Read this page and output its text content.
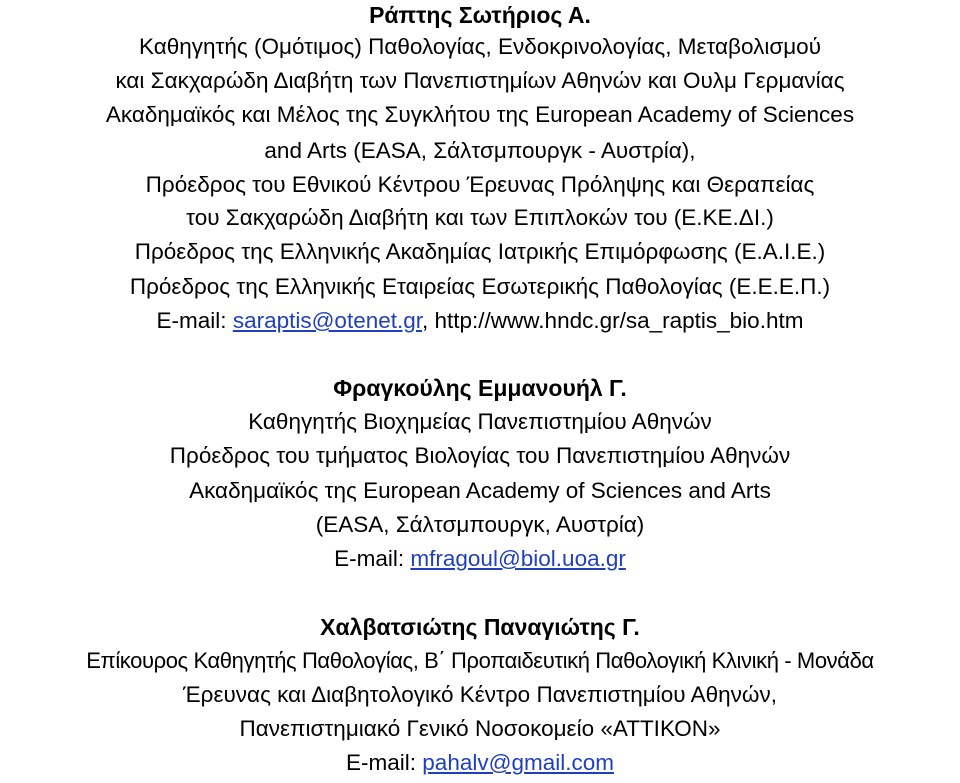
Ράπτης Σωτήριος Α.
Καθηγητής (Ομότιμος) Παθολογίας, Ενδοκρινολογίας, Μεταβολισμού
και Σακχαρώδη Διαβήτη των Πανεπιστημίων Αθηνών και Ουλμ Γερμανίας
Ακαδημαϊκός και Μέλος της Συγκλήτου της European Academy of Sciences
and Arts (EASA, Σάλτσμπουργκ - Αυστρία),
Πρόεδρος του Εθνικού Κέντρου Έρευνας Πρόληψης και Θεραπείας
του Σακχαρώδη Διαβήτη και των Επιπλοκών του (Ε.ΚΕ.ΔΙ.)
Πρόεδρος της Ελληνικής Ακαδημίας Ιατρικής Επιμόρφωσης (Ε.Α.Ι.Ε.)
Πρόεδρος της Ελληνικής Εταιρείας Εσωτερικής Παθολογίας (Ε.Ε.Ε.Π.)
E-mail: saraptis@otenet.gr, http://www.hndc.gr/sa_raptis_bio.htm
Φραγκούλης Εμμανουήλ Γ.
Καθηγητής Βιοχημείας Πανεπιστημίου Αθηνών
Πρόεδρος του τμήματος Βιολογίας του Πανεπιστημίου Αθηνών
Ακαδημαϊκός της European Academy of Sciences and Arts
(EASA, Σάλτσμπουργκ, Αυστρία)
E-mail: mfragoul@biol.uoa.gr
Χαλβατσιώτης Παναγιώτης Γ.
Επίκουρος Καθηγητής Παθολογίας, Β΄ Προπαιδευτική Παθολογική Κλινική - Μονάδα
Έρευνας και Διαβητολογικό Κέντρο Πανεπιστημίου Αθηνών,
Πανεπιστημιακό Γενικό Νοσοκομείο «ΑΤΤΙΚΟΝ»
E-mail: pahalv@gmail.com
